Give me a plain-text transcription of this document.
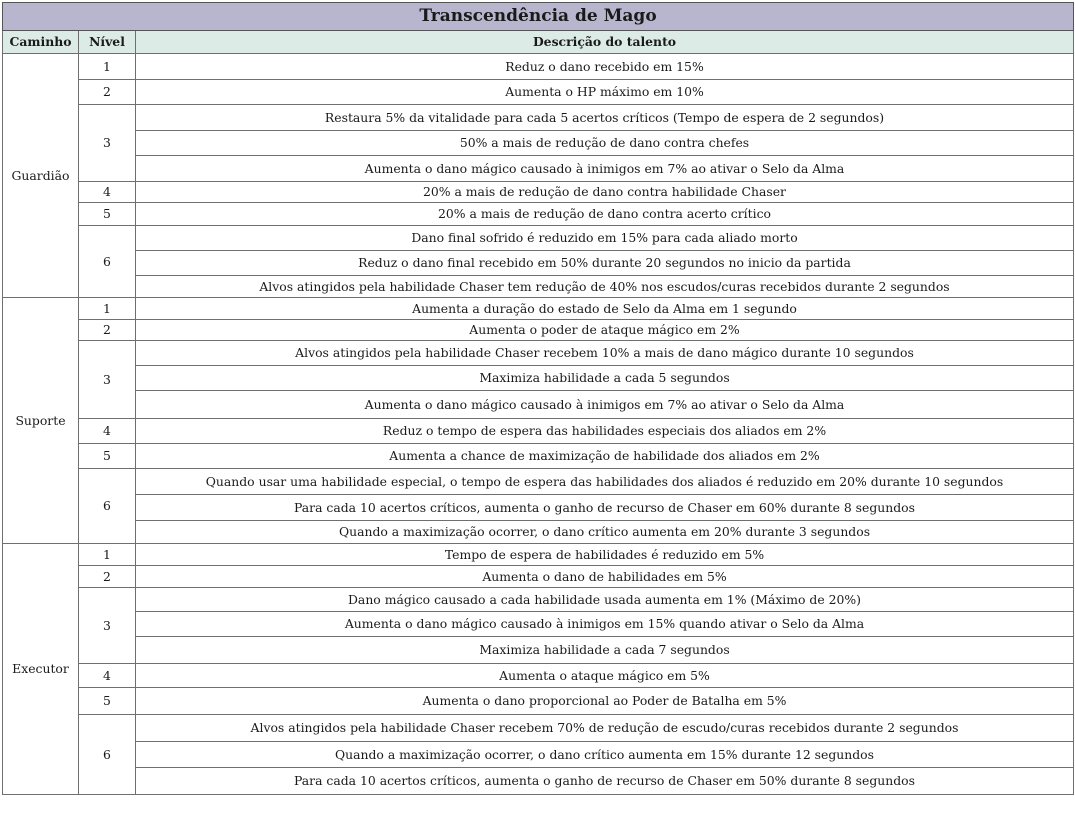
Transcendência de Mago		
Caminho	Nível	Descrição do talento
Guardião	1	Reduz o dano recebido em 15%
	2	Aumenta o HP máximo em 10%
	3	Restaura 5% da vitalidade para cada 5 acertos críticos (Tempo de espera de 2 segundos)
		50% a mais de redução de dano contra chefes
		Aumenta o dano mágico causado à inimigos em 7% ao ativar o Selo da Alma
	4	20% a mais de redução de dano contra habilidade Chaser
	5	20% a mais de redução de dano contra acerto crítico
	6	Dano final sofrido é reduzido em 15% para cada aliado morto
		Reduz o dano final recebido em 50% durante 20 segundos no inicio da partida
		Alvos atingidos pela habilidade Chaser tem redução de 40% nos escudos/curas recebidos durante 2 segundos
Suporte	1	Aumenta a duração do estado de Selo da Alma em 1 segundo
	2	Aumenta o poder de ataque mágico em 2%
	3	Alvos atingidos pela habilidade Chaser recebem 10% a mais de dano mágico durante 10 segundos
		Maximiza habilidade a cada 5 segundos
		Aumenta o dano mágico causado à inimigos em 7% ao ativar o Selo da Alma
	4	Reduz o tempo de espera das habilidades especiais dos aliados em 2%
	5	Aumenta a chance de maximização de habilidade dos aliados em 2%
	6	Quando usar uma habilidade especial, o tempo de espera das habilidades dos aliados é reduzido em 20% durante 10 segundos
		Para cada 10 acertos críticos, aumenta o ganho de recurso de Chaser em 60% durante 8 segundos
		Quando a maximização ocorrer, o dano crítico aumenta em 20% durante 3 segundos
Executor	1	Tempo de espera de habilidades é reduzido em 5%
	2	Aumenta o dano de habilidades em 5%
	3	Dano mágico causado a cada habilidade usada aumenta em 1% (Máximo de 20%)
		Aumenta o dano mágico causado à inimigos em 15% quando ativar o Selo da Alma
		Maximiza habilidade a cada 7 segundos
	4	Aumenta o ataque mágico em 5%
	5	Aumenta o dano proporcional ao Poder de Batalha em 5%
	6	Alvos atingidos pela habilidade Chaser recebem 70% de redução de escudo/curas recebidos durante 2 segundos
		Quando a maximização ocorrer, o dano crítico aumenta em 15% durante 12 segundos
		Para cada 10 acertos críticos, aumenta o ganho de recurso de Chaser em 50% durante 8 segundos
